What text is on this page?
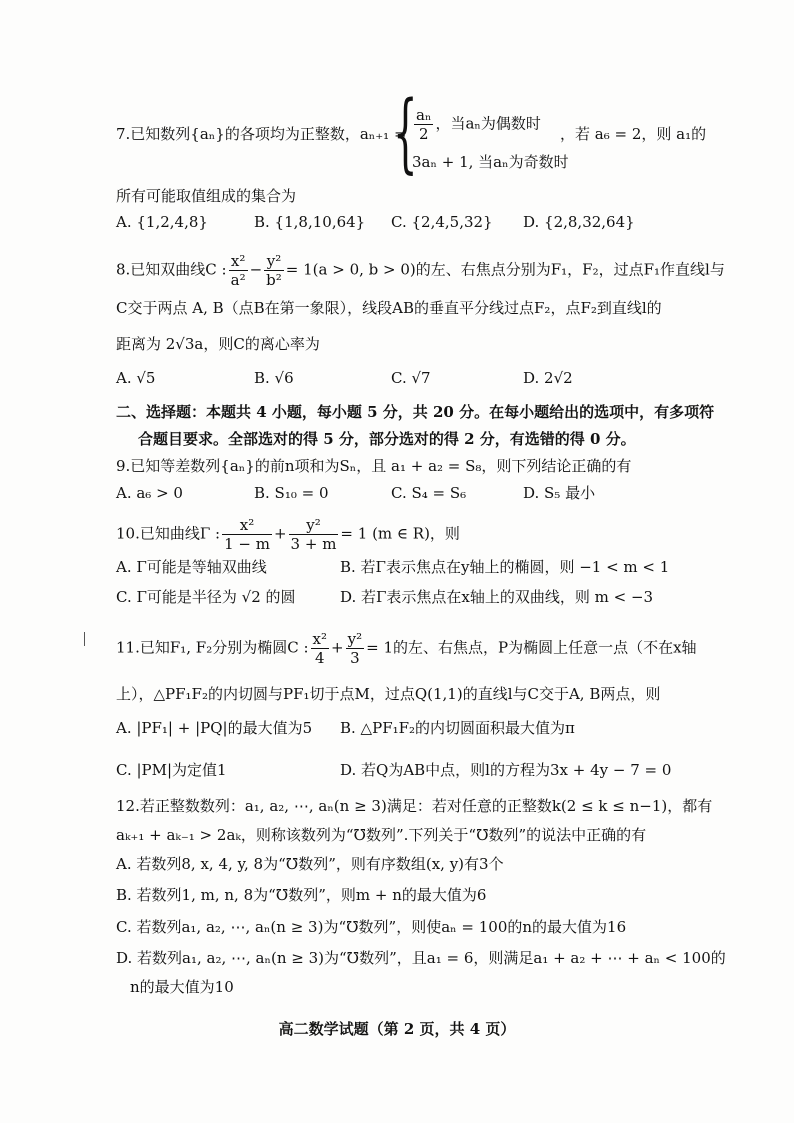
7.已知数列{aₙ}的各项均为正整数，aₙ₊₁ =
{
$\frac{\text{aₙ}}{2}$ ，当aₙ为偶数时
3aₙ + 1, 当aₙ为奇数时
，若 a₆ = 2，则 a₁的
所有可能取值组成的集合为
A. {1,2,4,8}	B. {1,8,10,64} C. {2,4,5,32} D. {2,8,32,64}
8.已知双曲线C : $\frac{\text{x²}}{\text{a²}} - \frac{\text{y²}}{\text{b²}} = 1(a > 0$, b > 0)的左、右焦点分别为F₁，F₂，过点F₁作直线l与
C交于两点 A, B（点B在第一象限），线段AB的垂直平分线过点F₂，点F₂到直线l的
距离为 2√3a，则C的离心率为
A. √5	B. √6	C. √7	D. 2√2
二、选择题：本题共 4 小题，每小题 5 分，共 20 分。在每小题给出的选项中，有多项符
合题目要求。全部选对的得 5 分，部分选对的得 2 分，有选错的得 0 分。
9.已知等差数列{aₙ}的前n项和为Sₙ，且 a₁ + a₂ = S₈，则下列结论正确的有
A. a₆ > 0	B. S₁₀ = 0	C. S₄ = S₆	D. S₅ 最小
10.已知曲线Γ : $\frac{\text{x²}}{1 - m} + \frac{\text{y²}}{3 + m} = 1$ (m ∈ R)，则
A. Γ可能是等轴双曲线	B. 若Γ表示焦点在y轴上的椭圆，则 −1 < m < 1
C. Γ可能是半径为 √2 的圆	D. 若Γ表示焦点在x轴上的双曲线，则 m < −3
11.已知F₁, F₂分别为椭圆C : $\frac{\text{x²}}{4} + \frac{\text{y²}}{3} = 1$的左、右焦点，P为椭圆上任意一点（不在x轴
上），△PF₁F₂的内切圆与PF₁切于点M，过点Q(1,1)的直线l与C交于A, B两点，则
A. |PF₁| + |PQ|的最大值为5 B. △PF₁F₂的内切圆面积最大值为π
C. |PM|为定值1	D. 若Q为AB中点，则l的方程为3x + 4y − 7 = 0
12.若正整数数列：a₁, a₂, ⋯, aₙ(n ≥ 3)满足：若对任意的正整数k(2 ≤ k ≤ n−1)，都有
aₖ₊₁ + aₖ₋₁ > 2aₖ，则称该数列为“℧数列”.下列关于“℧数列”的说法中正确的有
A. 若数列8, x, 4, y, 8为“℧数列”，则有序数组(x, y)有3个
B. 若数列1, m, n, 8为“℧数列”，则m + n的最大值为6
C. 若数列a₁, a₂, ⋯, aₙ(n ≥ 3)为“℧数列”，则使aₙ = 100的n的最大值为16
D. 若数列a₁, a₂, ⋯, aₙ(n ≥ 3)为“℧数列”，且a₁ = 6，则满足a₁ + a₂ + ⋯ + aₙ < 100的
n的最大值为10
高二数学试题（第 2 页，共 4 页）
